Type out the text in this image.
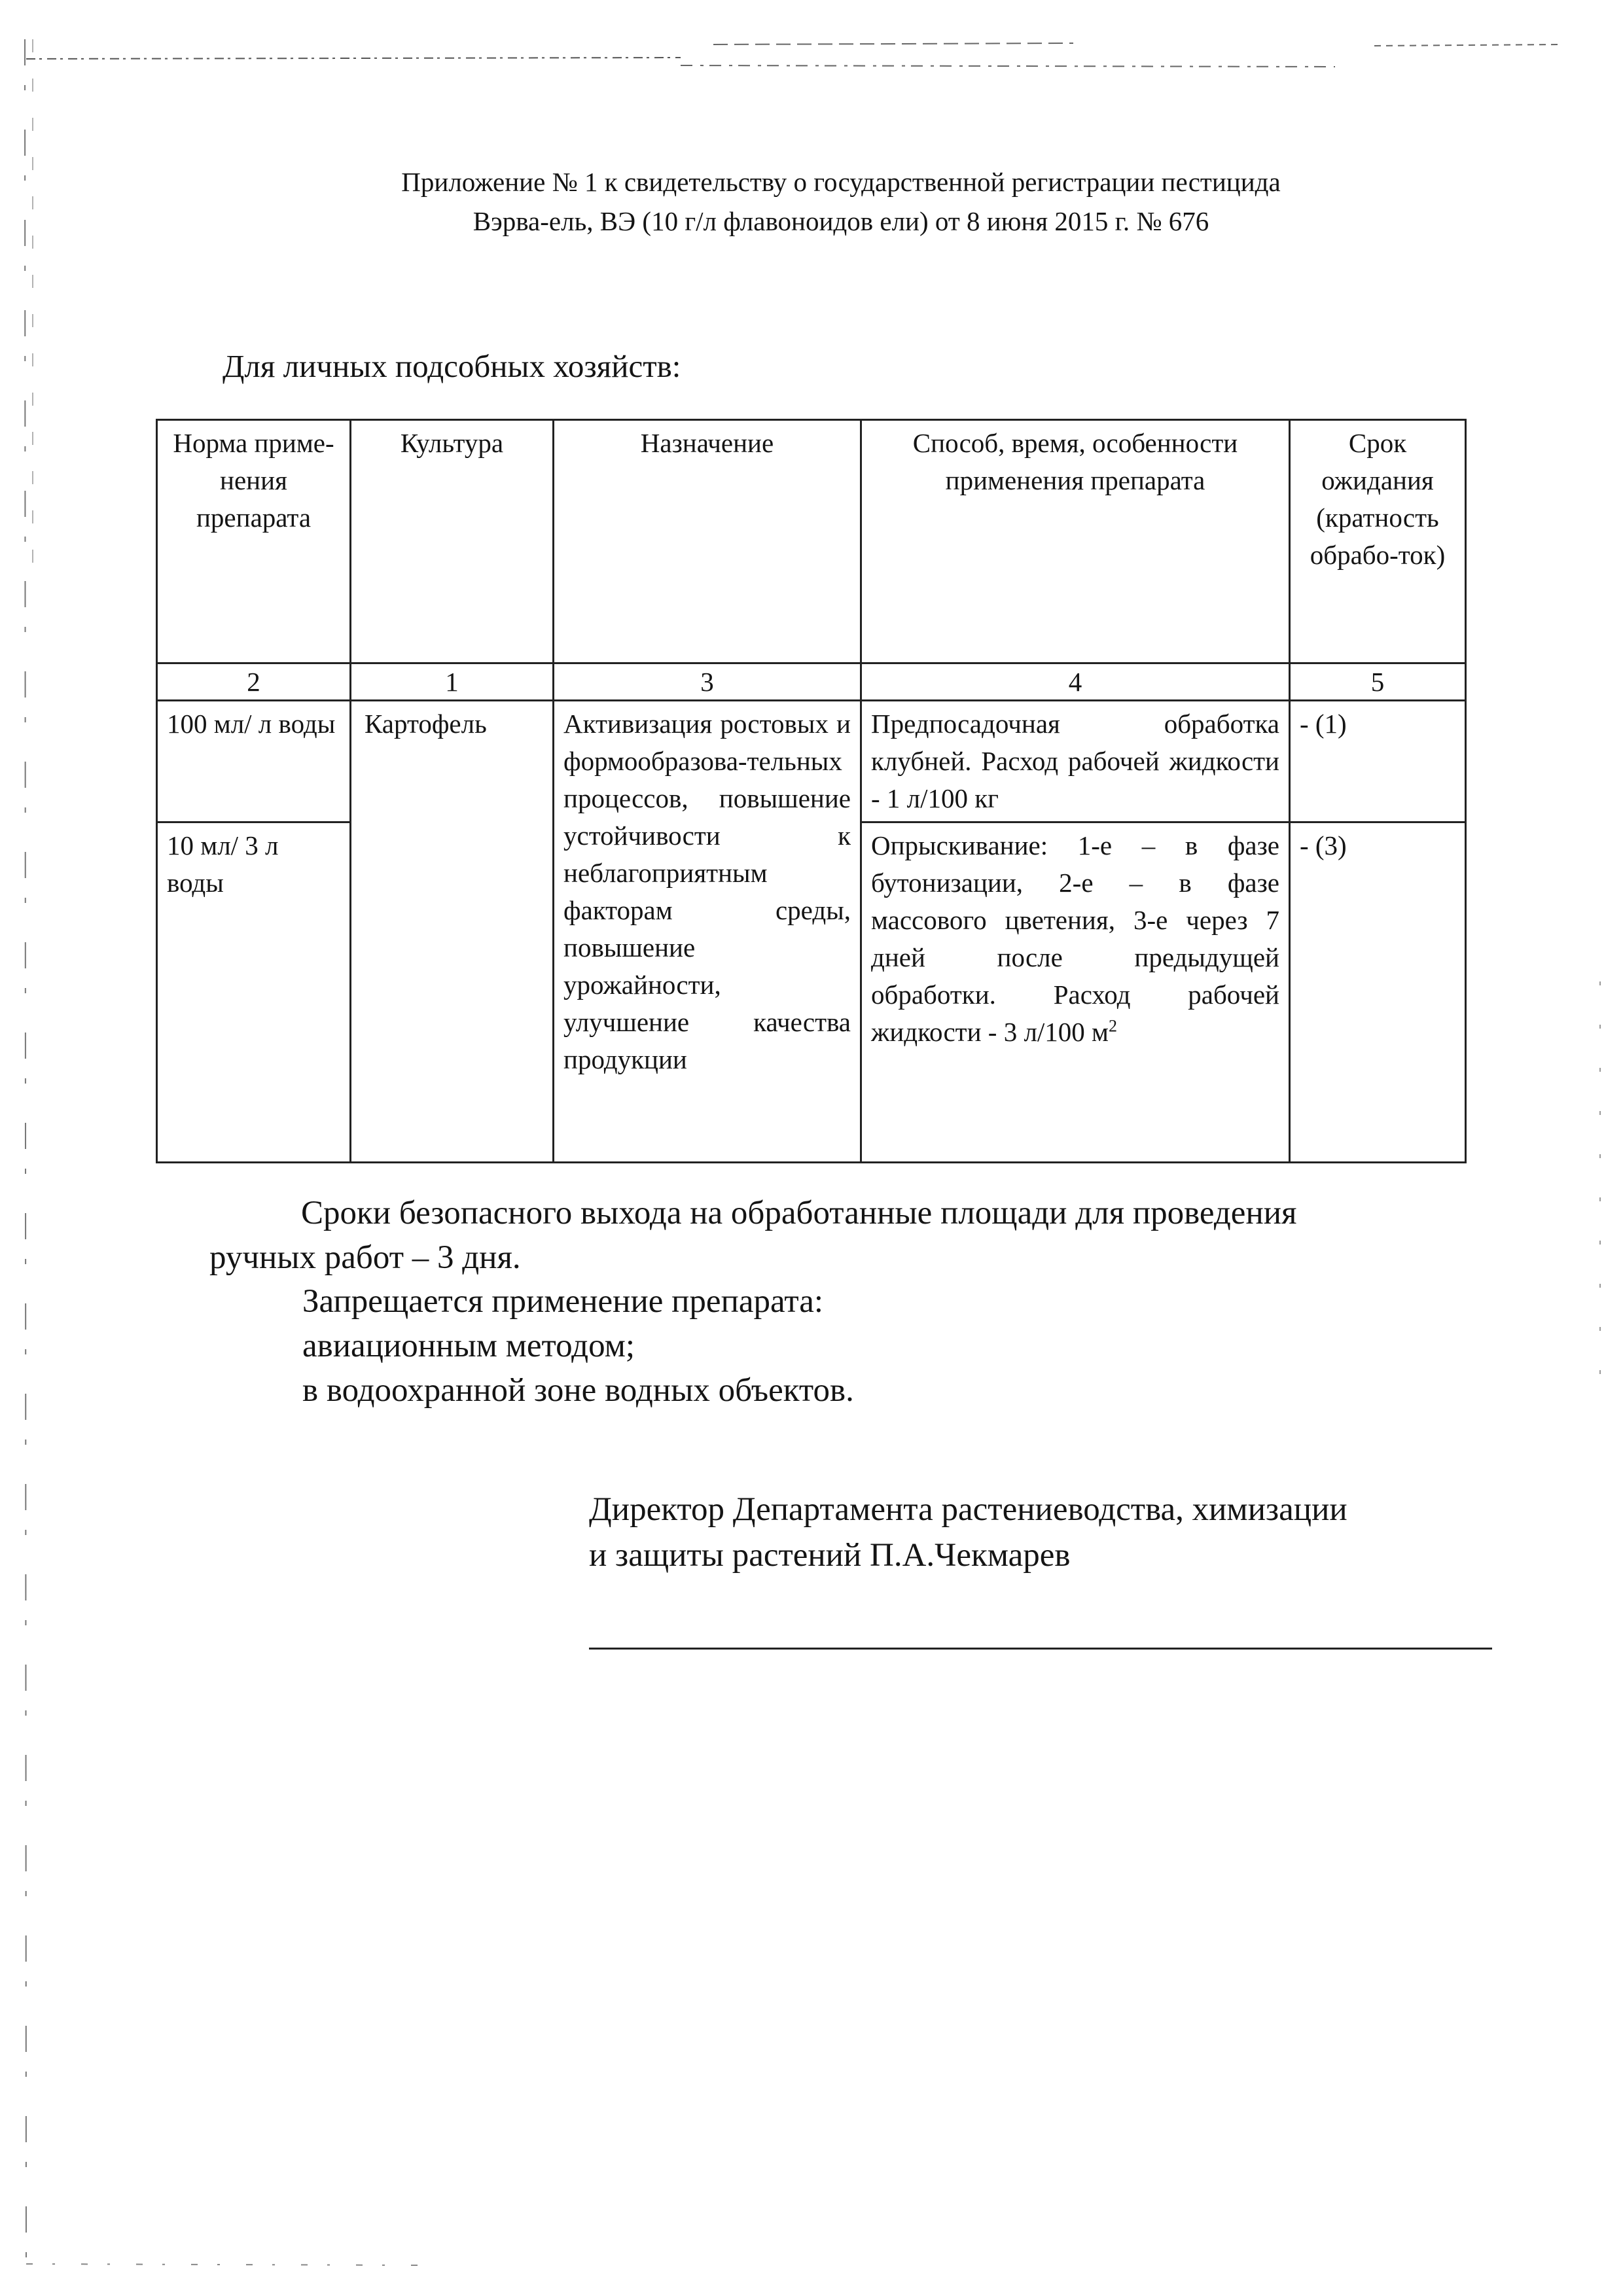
Приложение № 1 к свидетельству о государственной регистрации пестицида
Вэрва-ель, ВЭ (10 г/л флавоноидов ели) от 8 июня 2015 г. № 676
Для личных подсобных хозяйств:
Норма приме-нения препарата	Культура	Назначение	Способ, время, особенности применения препарата	Срок ожидания (кратность обрабо-ток)
2	1	3	4	5
100 мл/ л воды	Картофель	Активизация ростовых и формообразова-тельных процессов, повышение устойчивости к неблагоприятным факторам среды, повышение урожайности, улучшение качества продукции	Предпосадочная обработка клубней. Расход рабочей жидкости - 1 л/100 кг	- (1)
10 мл/ 3 л воды			Опрыскивание: 1-е – в фазе бутонизации, 2-е – в фазе массового цветения, 3-е через 7 дней после предыдущей обработки. Расход рабочей жидкости - 3 л/100 $м^2$	- (3)
Сроки безопасного выхода на обработанные площади для проведения
ручных работ – 3 дня.
Запрещается применение препарата:
авиационным методом;
в водоохранной зоне водных объектов.
Директор Департамента растениеводства, химизации
и защиты растений П.А.Чекмарев
